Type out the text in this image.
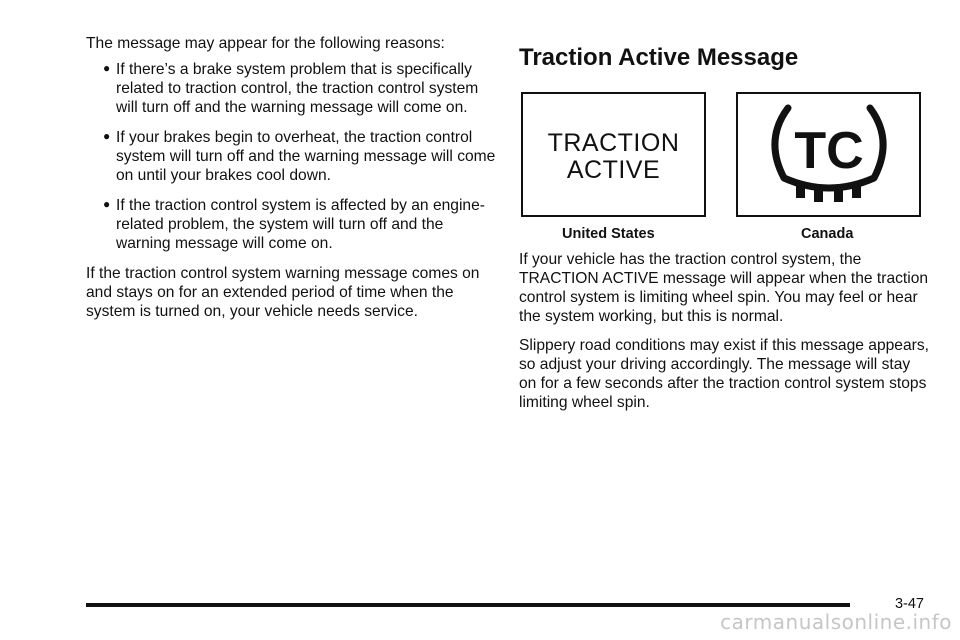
The message may appear for the following reasons:

● If there’s a brake system problem that is specifically related to traction control, the traction control system will turn off and the warning message will come on.
● If your brakes begin to overheat, the traction control system will turn off and the warning message will come on until your brakes cool down.
● If the traction control system is affected by an engine-related problem, the system will turn off and the warning message will come on.

If the traction control system warning message comes on and stays on for an extended period of time when the system is turned on, your vehicle needs service.

Traction Active Message
TRACTION
ACTIVE	TC
United States	Canada

If your vehicle has the traction control system, the TRACTION ACTIVE message will appear when the traction control system is limiting wheel spin. You may feel or hear the system working, but this is normal.

Slippery road conditions may exist if this message appears, so adjust your driving accordingly. The message will stay on for a few seconds after the traction control system stops limiting wheel spin.

3-47
carmanualsonline.info
